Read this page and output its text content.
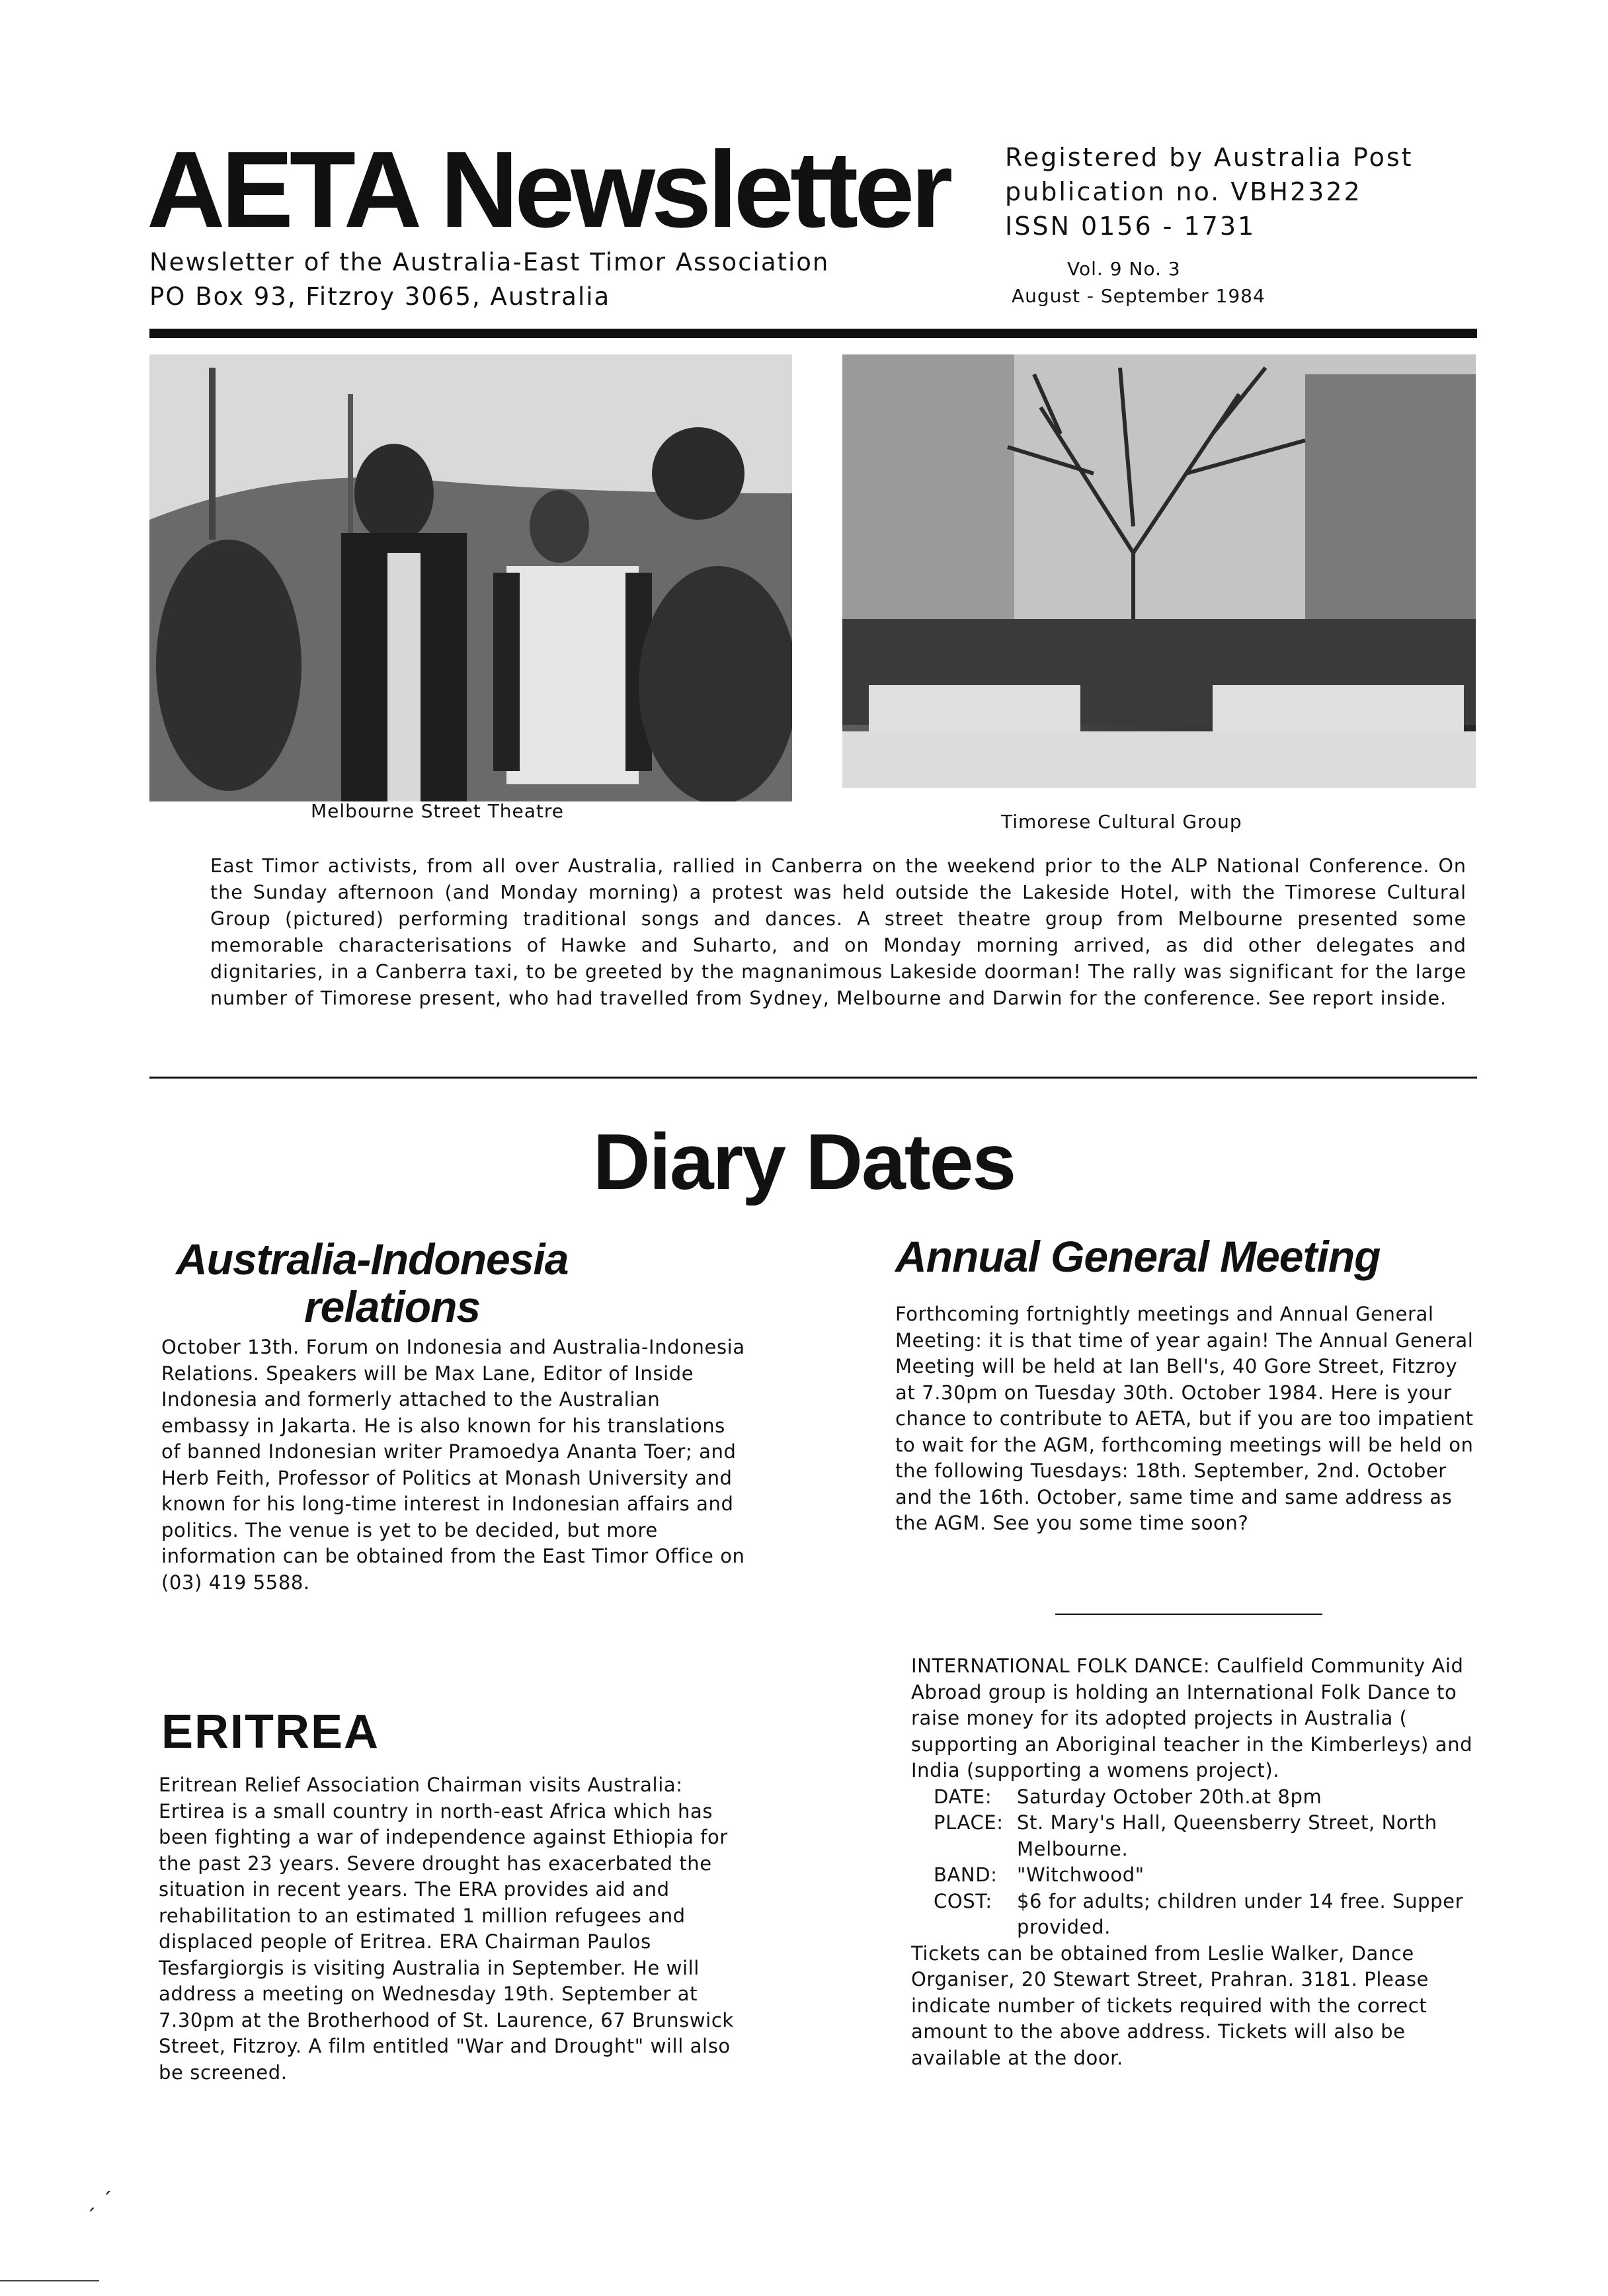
AETA Newsletter
Newsletter of the Australia-East Timor Association
PO Box 93, Fitzroy 3065, Australia
Registered by Australia Post
publication no. VBH2322
ISSN 0156 - 1731
Vol. 9 No. 3
August - September 1984
Melbourne Street Theatre	Timorese Cultural Group
East Timor activists, from all over Australia, rallied in Canberra on the weekend prior to the ALP National Conference. On the Sunday afternoon (and Monday morning) a protest was held outside the Lakeside Hotel, with the Timorese Cultural Group (pictured) performing traditional songs and dances. A street theatre group from Melbourne presented some memorable characterisations of Hawke and Suharto, and on Monday morning arrived, as did other delegates and dignitaries, in a Canberra taxi, to be greeted by the magnanimous Lakeside doorman! The rally was significant for the large number of Timorese present, who had travelled from Sydney, Melbourne and Darwin for the conference. See report inside.
Diary Dates
Australia-Indonesia
relations
October 13th. Forum on Indonesia and Australia-Indonesia Relations. Speakers will be Max Lane, Editor of Inside Indonesia and formerly attached to the Australian embassy in Jakarta. He is also known for his translations of banned Indonesian writer Pramoedya Ananta Toer; and Herb Feith, Professor of Politics at Monash University and known for his long-time interest in Indonesian affairs and politics. The venue is yet to be decided, but more information can be obtained from the East Timor Office on (03) 419 5588.
ERITREA
Eritrean Relief Association Chairman visits Australia: Ertirea is a small country in north-east Africa which has been fighting a war of independence against Ethiopia for the past 23 years. Severe drought has exacerbated the situation in recent years. The ERA provides aid and rehabilitation to an estimated 1 million refugees and displaced people of Eritrea. ERA Chairman Paulos Tesfargiorgis is visiting Australia in September. He will address a meeting on Wednesday 19th. September at 7.30pm at the Brotherhood of St. Laurence, 67 Brunswick Street, Fitzroy. A film entitled "War and Drought" will also be screened.
Annual General Meeting
Forthcoming fortnightly meetings and Annual General Meeting: it is that time of year again! The Annual General Meeting will be held at Ian Bell's, 40 Gore Street, Fitzroy at 7.30pm on Tuesday 30th. October 1984. Here is your chance to contribute to AETA, but if you are too impatient to wait for the AGM, forthcoming meetings will be held on the following Tuesdays: 18th. September, 2nd. October and the 16th. October, same time and same address as the AGM. See you some time soon?
INTERNATIONAL FOLK DANCE: Caulfield Community Aid Abroad group is holding an International Folk Dance to raise money for its adopted projects in Australia ( supporting an Aboriginal teacher in the Kimberleys) and India (supporting a womens project).
DATE:	Saturday October 20th.at 8pm
PLACE: St. Mary's Hall, Queensberry Street, North Melbourne.
BAND:	"Witchwood"
COST:	$6 for adults; children under 14 free. Supper provided.
Tickets can be obtained from Leslie Walker, Dance Organiser, 20 Stewart Street, Prahran. 3181. Please indicate number of tickets required with the correct amount to the above address. Tickets will also be available at the door.
ˏ ˊ
